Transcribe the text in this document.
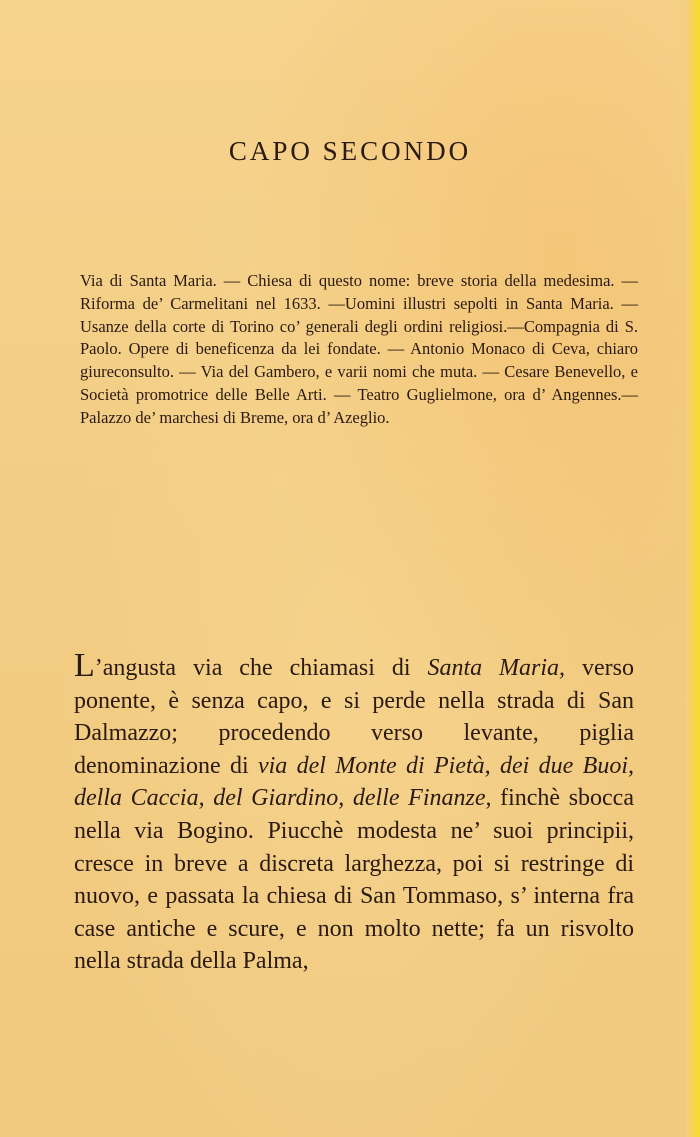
CAPO SECONDO

Via di Santa Maria. — Chiesa di questo nome: breve storia della medesima. — Riforma de’ Carmelitani nel 1633. —Uomini illustri sepolti in Santa Maria. — Usanze della corte di Torino co’ generali degli ordini religiosi.—Compagnia di S. Paolo. Opere di beneficenza da lei fondate. — Antonio Monaco di Ceva, chiaro giureconsulto. — Via del Gambero, e varii nomi che muta. — Cesare Benevello, e Società promotrice delle Belle Arti. — Teatro Guglielmone, ora d’ Angennes.—Palazzo de’ marchesi di Breme, ora d’ Azeglio.

L’angusta via che chiamasi di Santa Maria, verso ponente, è senza capo, e si perde nella strada di San Dalmazzo; procedendo verso levante, piglia denominazione di via del Monte di Pietà, dei due Buoi, della Caccia, del Giardino, delle Finanze, finchè sbocca nella via Bogino. Piucchè modesta ne’ suoi principii, cresce in breve a discreta larghezza, poi si restringe di nuovo, e passata la chiesa di San Tommaso, s’ interna fra case antiche e scure, e non molto nette; fa un risvolto nella strada della Palma,
